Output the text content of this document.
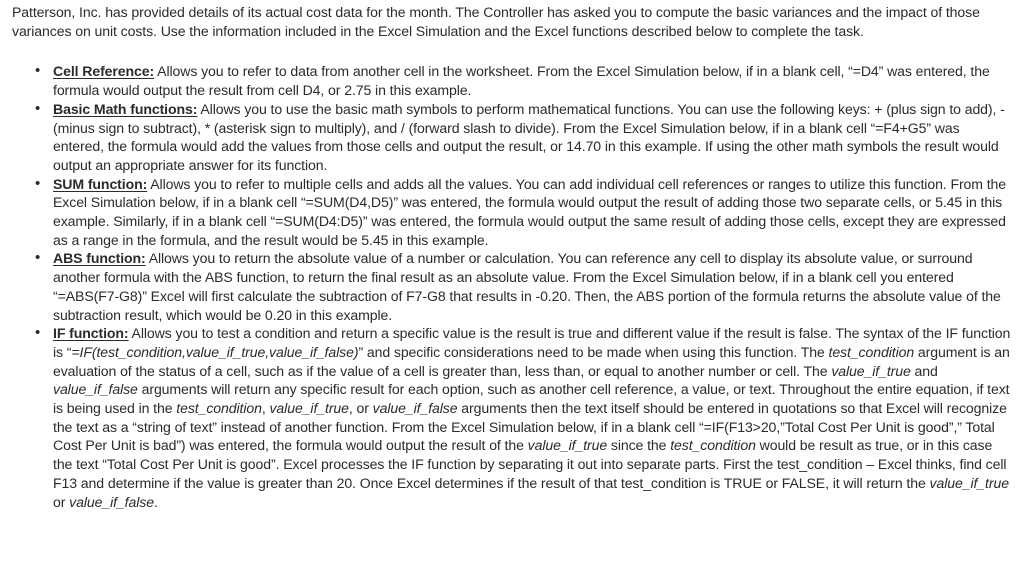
Patterson, Inc. has provided details of its actual cost data for the month. The Controller has asked you to compute the basic variances and the impact of those variances on unit costs. Use the information included in the Excel Simulation and the Excel functions described below to complete the task.

• Cell Reference: Allows you to refer to data from another cell in the worksheet. From the Excel Simulation below, if in a blank cell, “=D4” was entered, the formula would output the result from cell D4, or 2.75 in this example.
• Basic Math functions: Allows you to use the basic math symbols to perform mathematical functions. You can use the following keys: + (plus sign to add), - (minus sign to subtract), * (asterisk sign to multiply), and / (forward slash to divide). From the Excel Simulation below, if in a blank cell “=F4+G5” was entered, the formula would add the values from those cells and output the result, or 14.70 in this example. If using the other math symbols the result would output an appropriate answer for its function.
• SUM function: Allows you to refer to multiple cells and adds all the values. You can add individual cell references or ranges to utilize this function. From the Excel Simulation below, if in a blank cell “=SUM(D4,D5)” was entered, the formula would output the result of adding those two separate cells, or 5.45 in this example. Similarly, if in a blank cell “=SUM(D4:D5)” was entered, the formula would output the same result of adding those cells, except they are expressed as a range in the formula, and the result would be 5.45 in this example.
• ABS function: Allows you to return the absolute value of a number or calculation. You can reference any cell to display its absolute value, or surround another formula with the ABS function, to return the final result as an absolute value. From the Excel Simulation below, if in a blank cell you entered “=ABS(F7-G8)” Excel will first calculate the subtraction of F7-G8 that results in -0.20. Then, the ABS portion of the formula returns the absolute value of the subtraction result, which would be 0.20 in this example.
• IF function: Allows you to test a condition and return a specific value is the result is true and different value if the result is false. The syntax of the IF function is “=IF(test_condition,value_if_true,value_if_false)” and specific considerations need to be made when using this function. The test_condition argument is an evaluation of the status of a cell, such as if the value of a cell is greater than, less than, or equal to another number or cell. The value_if_true and value_if_false arguments will return any specific result for each option, such as another cell reference, a value, or text. Throughout the entire equation, if text is being used in the test_condition, value_if_true, or value_if_false arguments then the text itself should be entered in quotations so that Excel will recognize the text as a “string of text” instead of another function. From the Excel Simulation below, if in a blank cell “=IF(F13>20,”Total Cost Per Unit is good”,” Total Cost Per Unit is bad”) was entered, the formula would output the result of the value_if_true since the test_condition would be result as true, or in this case the text “Total Cost Per Unit is good”. Excel processes the IF function by separating it out into separate parts. First the test_condition – Excel thinks, find cell F13 and determine if the value is greater than 20. Once Excel determines if the result of that test_condition is TRUE or FALSE, it will return the value_if_true or value_if_false.
